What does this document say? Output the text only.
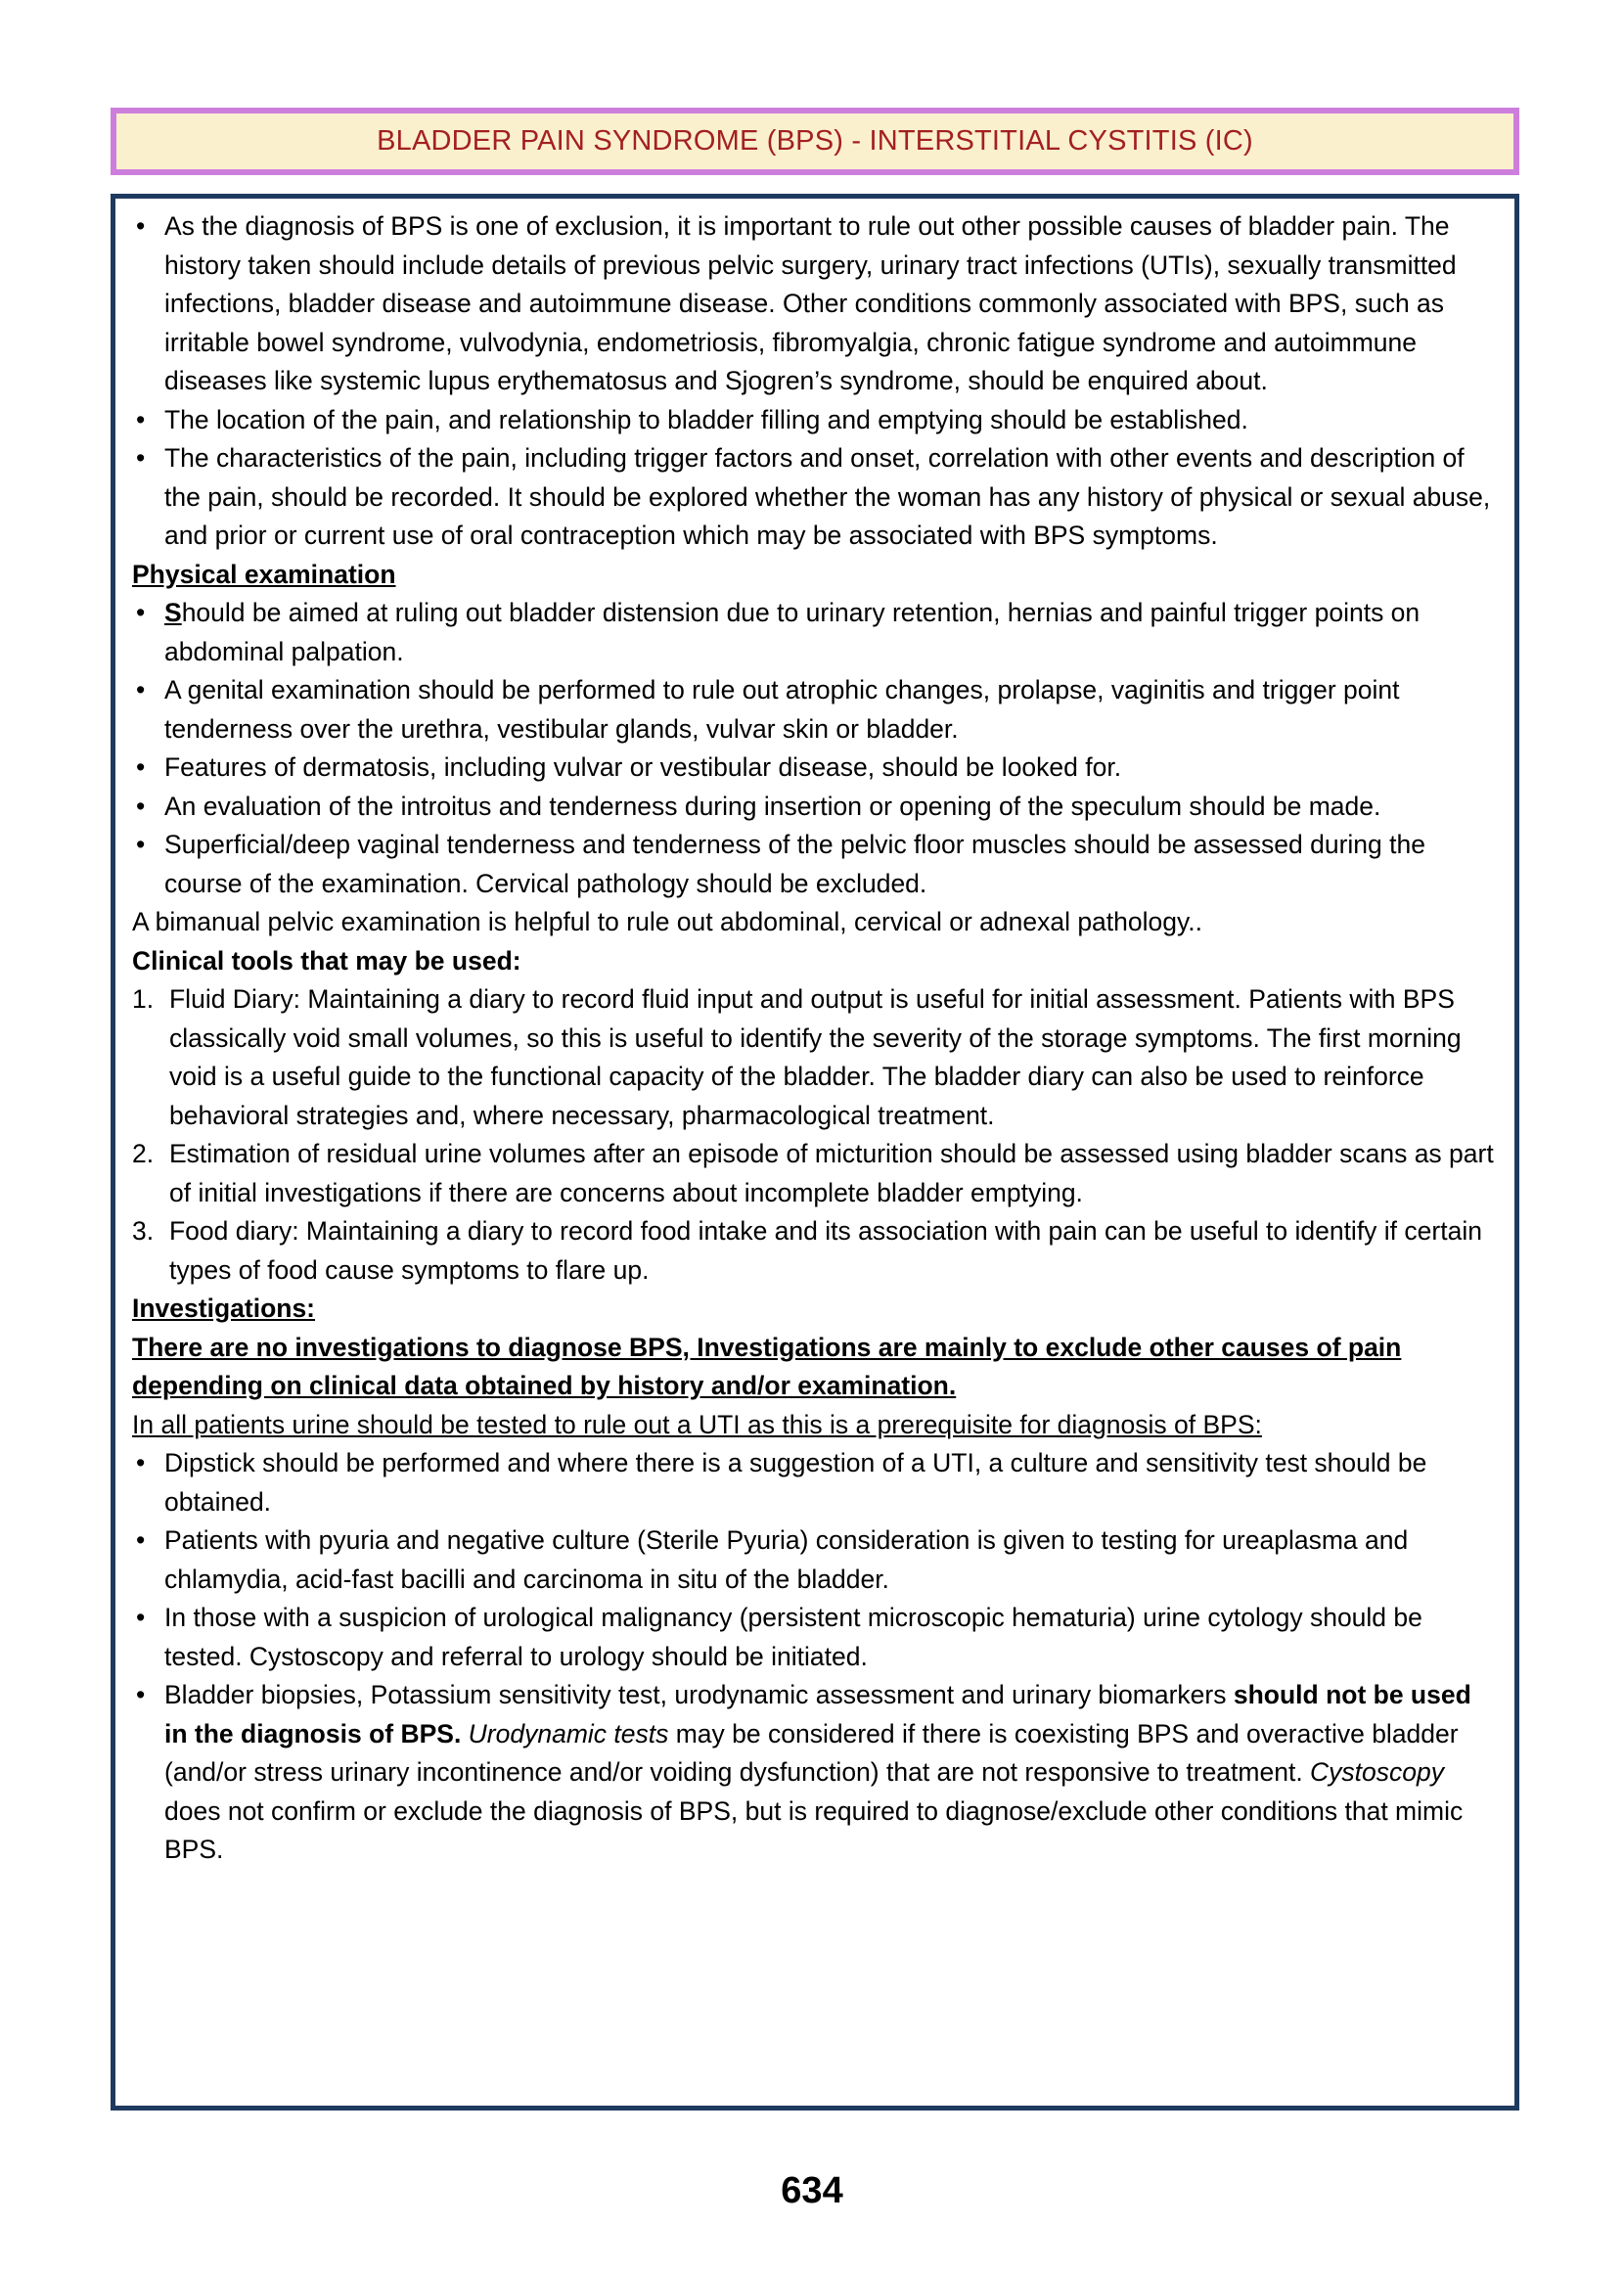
BLADDER PAIN SYNDROME (BPS) - INTERSTITIAL CYSTITIS (IC)
• As the diagnosis of BPS is one of exclusion, it is important to rule out other possible causes of bladder pain. The history taken should include details of previous pelvic surgery, urinary tract infections (UTIs), sexually transmitted infections, bladder disease and autoimmune disease. Other conditions commonly associated with BPS, such as irritable bowel syndrome, vulvodynia, endometriosis, fibromyalgia, chronic fatigue syndrome and autoimmune diseases like systemic lupus erythematosus and Sjogren’s syndrome, should be enquired about.
• The location of the pain, and relationship to bladder filling and emptying should be established.
• The characteristics of the pain, including trigger factors and onset, correlation with other events and description of the pain, should be recorded. It should be explored whether the woman has any history of physical or sexual abuse, and prior or current use of oral contraception which may be associated with BPS symptoms.
Physical examination
• Should be aimed at ruling out bladder distension due to urinary retention, hernias and painful trigger points on abdominal palpation.
• A genital examination should be performed to rule out atrophic changes, prolapse, vaginitis and trigger point tenderness over the urethra, vestibular glands, vulvar skin or bladder.
• Features of dermatosis, including vulvar or vestibular disease, should be looked for.
• An evaluation of the introitus and tenderness during insertion or opening of the speculum should be made.
• Superficial/deep vaginal tenderness and tenderness of the pelvic floor muscles should be assessed during the course of the examination. Cervical pathology should be excluded.
A bimanual pelvic examination is helpful to rule out abdominal, cervical or adnexal pathology..
Clinical tools that may be used:
1. Fluid Diary: Maintaining a diary to record fluid input and output is useful for initial assessment. Patients with BPS classically void small volumes, so this is useful to identify the severity of the storage symptoms. The first morning void is a useful guide to the functional capacity of the bladder. The bladder diary can also be used to reinforce behavioral strategies and, where necessary, pharmacological treatment.
2. Estimation of residual urine volumes after an episode of micturition should be assessed using bladder scans as part of initial investigations if there are concerns about incomplete bladder emptying.
3. Food diary: Maintaining a diary to record food intake and its association with pain can be useful to identify if certain types of food cause symptoms to flare up.
Investigations:
There are no investigations to diagnose BPS, Investigations are mainly to exclude other causes of pain depending on clinical data obtained by history and/or examination.
In all patients urine should be tested to rule out a UTI as this is a prerequisite for diagnosis of BPS:
• Dipstick should be performed and where there is a suggestion of a UTI, a culture and sensitivity test should be obtained.
• Patients with pyuria and negative culture (Sterile Pyuria) consideration is given to testing for ureaplasma and chlamydia, acid-fast bacilli and carcinoma in situ of the bladder.
• In those with a suspicion of urological malignancy (persistent microscopic hematuria) urine cytology should be tested. Cystoscopy and referral to urology should be initiated.
• Bladder biopsies, Potassium sensitivity test, urodynamic assessment and urinary biomarkers should not be used in the diagnosis of BPS. Urodynamic tests may be considered if there is coexisting BPS and overactive bladder (and/or stress urinary incontinence and/or voiding dysfunction) that are not responsive to treatment. Cystoscopy does not confirm or exclude the diagnosis of BPS, but is required to diagnose/exclude other conditions that mimic BPS.
634
